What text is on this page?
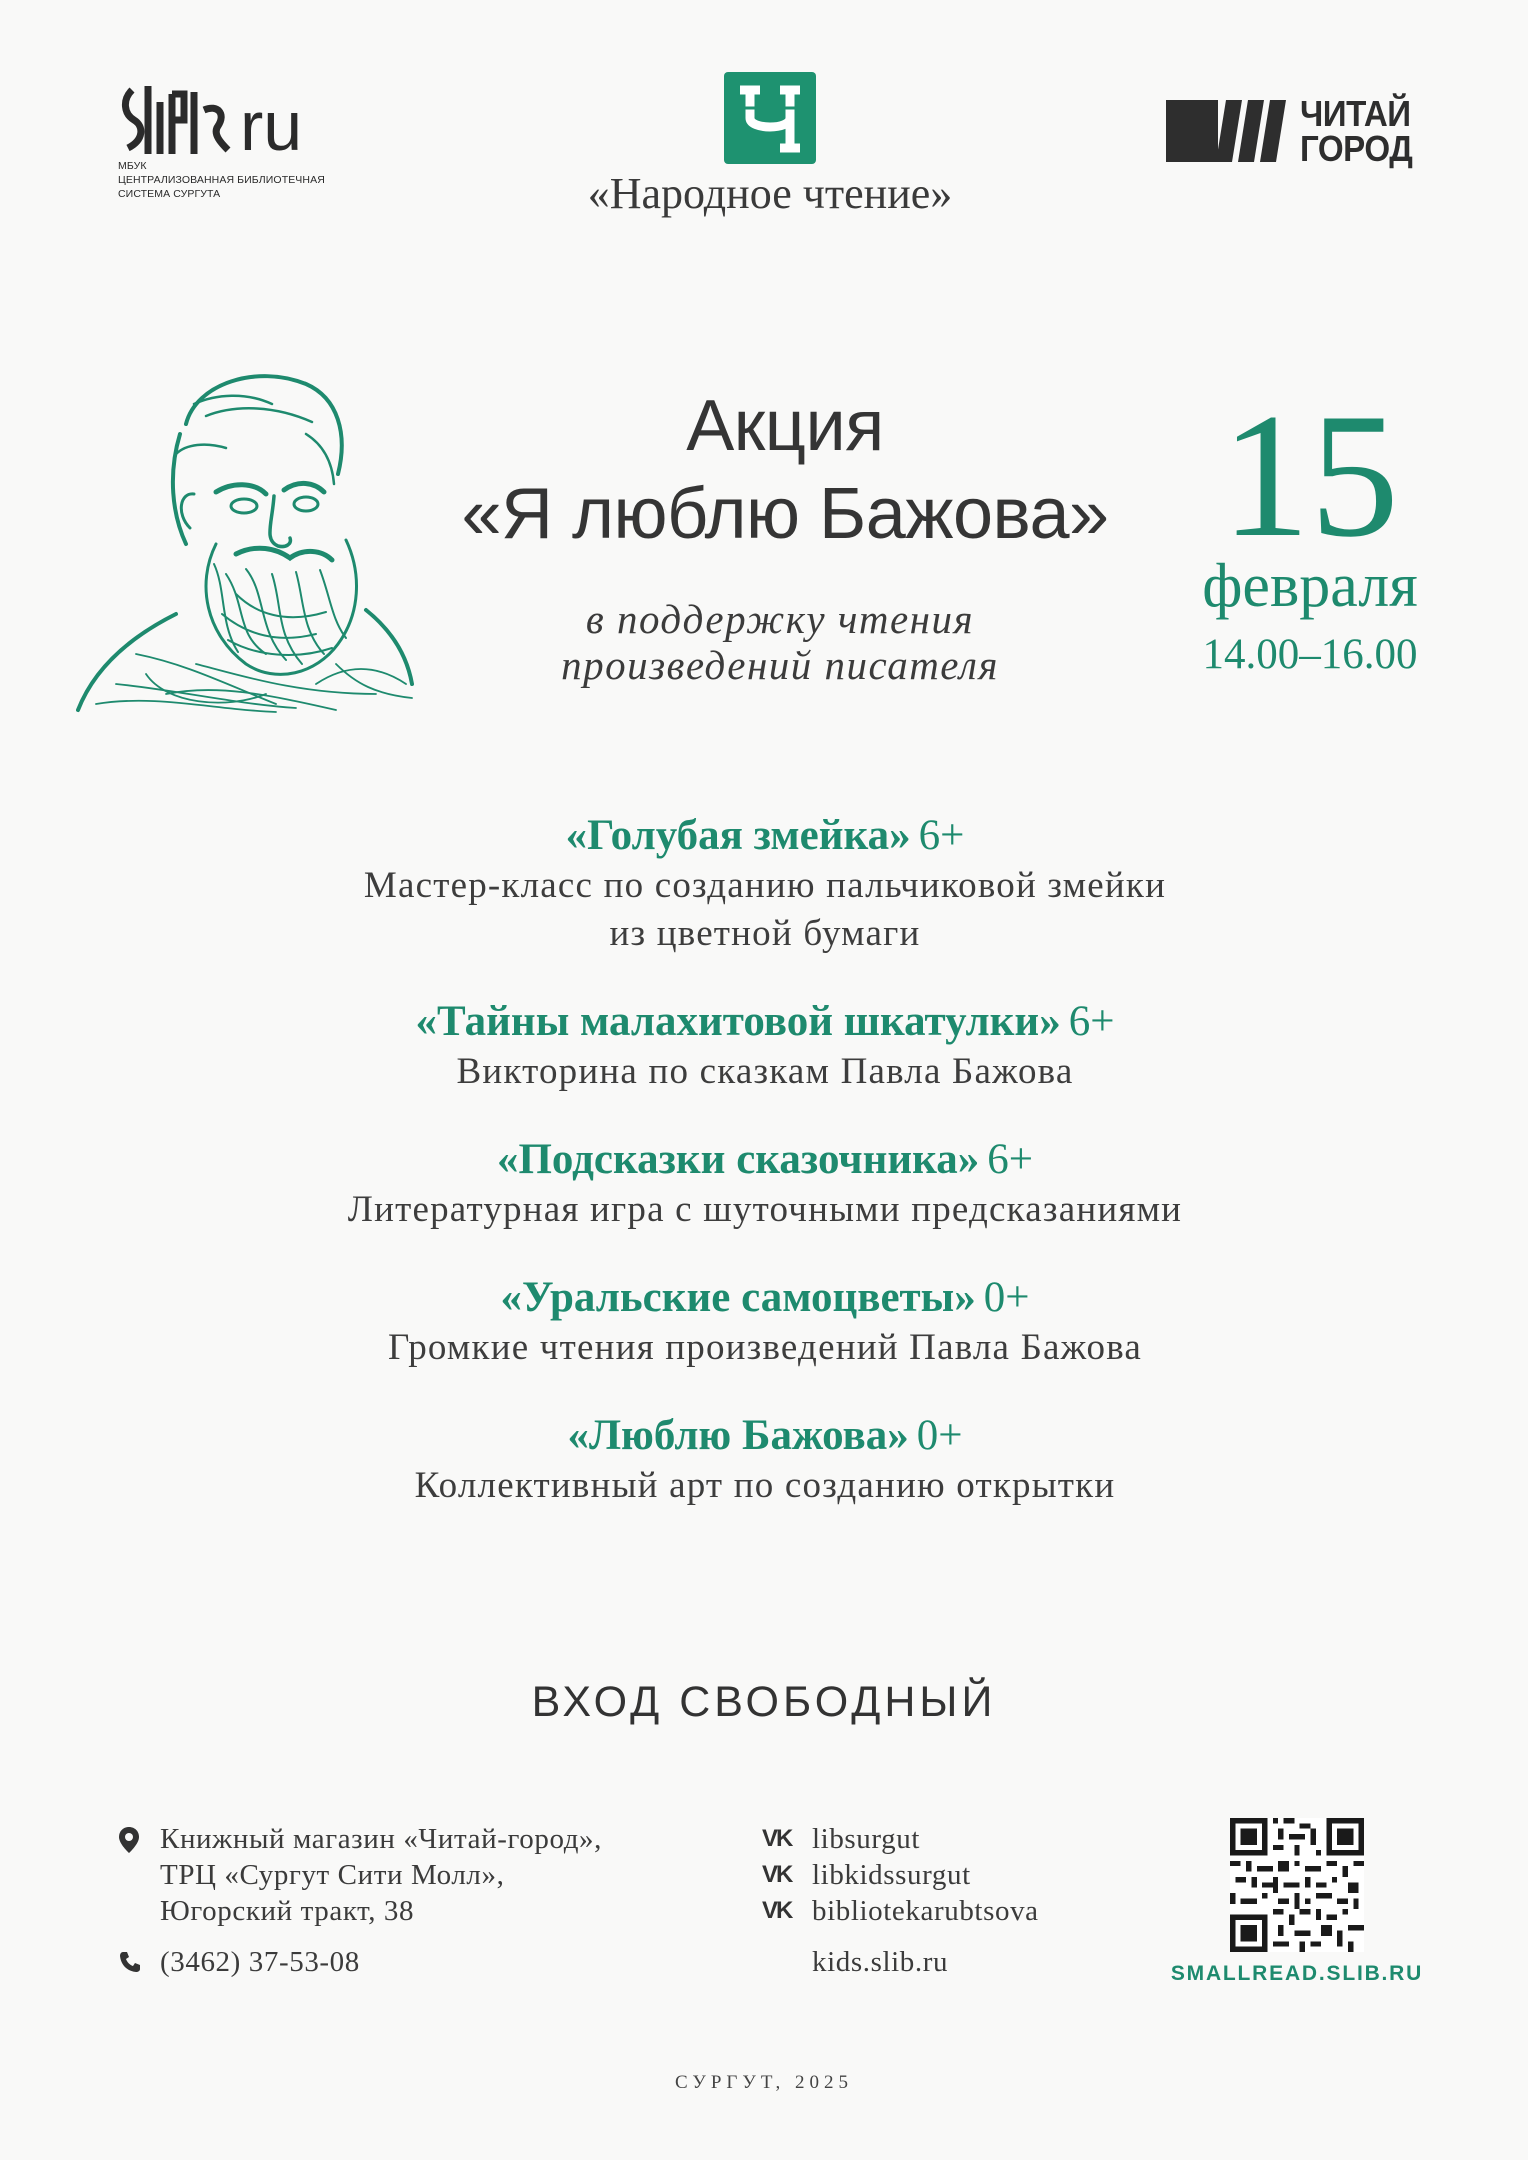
ru
МБУК
ЦЕНТРАЛИЗОВАННАЯ БИБЛИОТЕЧНАЯ
СИСТЕМА СУРГУТА	«Народное чтение»
ЧИТАЙ
ГОРОД
Акция
«Я люблю Бажова»
в поддержку чтения
произведений писателя
15
февраля
14.00–16.00
«Голубая змейка» 6+
Мастер-класс по созданию пальчиковой змейки
из цветной бумаги
«Тайны малахитовой шкатулки» 6+
Викторина по сказкам Павла Бажова
«Подсказки сказочника» 6+
Литературная игра с шуточными предсказаниями
«Уральские самоцветы» 0+
Громкие чтения произведений Павла Бажова
«Люблю Бажова» 0+
Коллективный арт по созданию открытки
ВХОД СВОБОДНЫЙ
Книжный магазин «Читай-город»,
ТРЦ «Сургут Сити Молл»,
Югорский тракт, 38
(3462) 37-53-08
VK libsurgut
VK libkidssurgut
VK bibliotekarubtsova
kids.slib.ru	SMALLREAD.SLIB.RU
СУРГУТ, 2025
